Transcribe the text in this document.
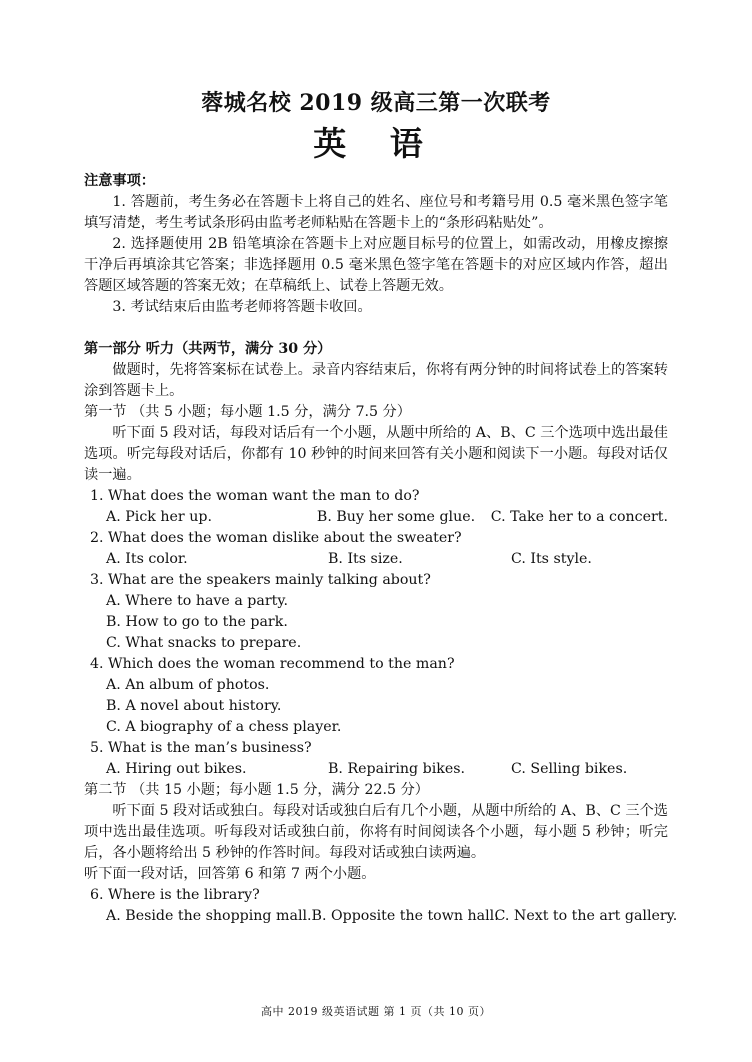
蓉城名校 2019 级高三第一次联考
英 语
注意事项：
1. 答题前，考生务必在答题卡上将自己的姓名、座位号和考籍号用 0.5 毫米黑色签字笔填写清楚，考生考试条形码由监考老师粘贴在答题卡上的“条形码粘贴处”。
2. 选择题使用 2B 铅笔填涂在答题卡上对应题目标号的位置上，如需改动，用橡皮擦擦干净后再填涂其它答案；非选择题用 0.5 毫米黑色签字笔在答题卡的对应区域内作答，超出答题区域答题的答案无效；在草稿纸上、试卷上答题无效。
3. 考试结束后由监考老师将答题卡收回。
第一部分 听力（共两节，满分 30 分）
做题时，先将答案标在试卷上。录音内容结束后，你将有两分钟的时间将试卷上的答案转涂到答题卡上。
第一节 （共 5 小题；每小题 1.5 分，满分 7.5 分）
听下面 5 段对话，每段对话后有一个小题，从题中所给的 A、B、C 三个选项中选出最佳选项。听完每段对话后，你都有 10 秒钟的时间来回答有关小题和阅读下一小题。每段对话仅读一遍。
1. What does the woman want the man to do?
A. Pick her up.	B. Buy her some glue.	C. Take her to a concert.
2. What does the woman dislike about the sweater?
A. Its color.	B. Its size.	C. Its style.
3. What are the speakers mainly talking about?
A. Where to have a party.
B. How to go to the park.
C. What snacks to prepare.
4. Which does the woman recommend to the man?
A. An album of photos.
B. A novel about history.
C. A biography of a chess player.
5. What is the man’s business?
A. Hiring out bikes.	B. Repairing bikes.	C. Selling bikes.
第二节 （共 15 小题；每小题 1.5 分，满分 22.5 分）
听下面 5 段对话或独白。每段对话或独白后有几个小题，从题中所给的 A、B、C 三个选项中选出最佳选项。听每段对话或独白前，你将有时间阅读各个小题，每小题 5 秒钟；听完后，各小题将给出 5 秒钟的作答时间。每段对话或独白读两遍。
听下面一段对话，回答第 6 和第 7 两个小题。
6. Where is the library?
A. Beside the shopping mall. B. Opposite the town hall.
C. Next to the art gallery.
高中 2019 级英语试题 第 1 页（共 10 页）
